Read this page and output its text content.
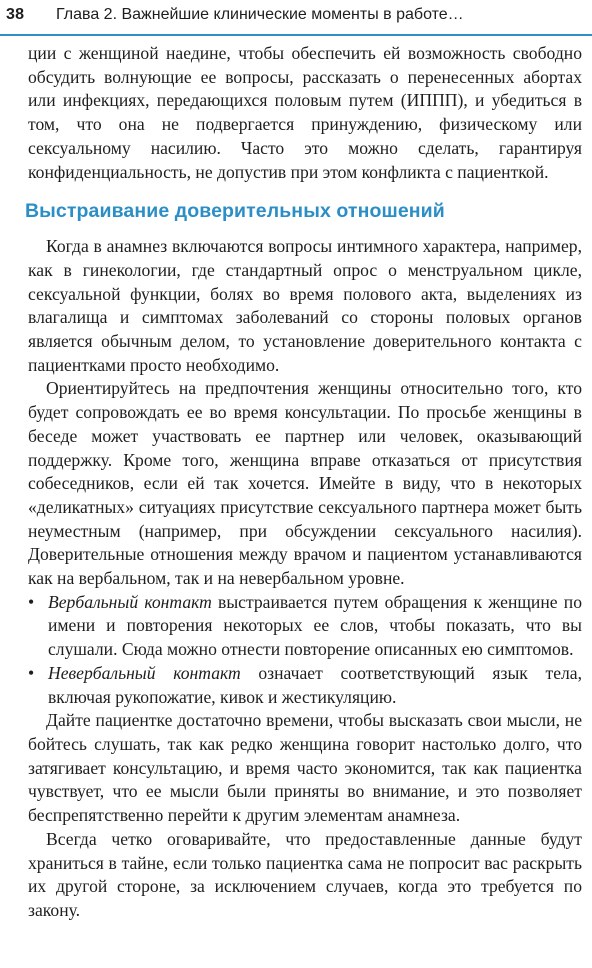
38 Глава 2. Важнейшие клинические моменты в работе…

ции с женщиной наедине, чтобы обеспечить ей возможность свободно обсудить волнующие ее вопросы, рассказать о перенесенных абортах или инфекциях, передающихся половым путем (ИППП), и убедиться в том, что она не подвергается принуждению, физическому или сексуальному насилию. Часто это можно сделать, гарантируя конфиденциальность, не допустив при этом конфликта с пациенткой.

Выстраивание доверительных отношений

Когда в анамнез включаются вопросы интимного характера, например, как в гинекологии, где стандартный опрос о менструальном цикле, сексуальной функции, болях во время полового акта, выделениях из влагалища и симптомах заболеваний со стороны половых органов является обычным делом, то установление доверительного контакта с пациентками просто необходимо.

Ориентируйтесь на предпочтения женщины относительно того, кто будет сопровождать ее во время консультации. По просьбе женщины в беседе может участвовать ее партнер или человек, оказывающий поддержку. Кроме того, женщина вправе отказаться от присутствия собеседников, если ей так хочется. Имейте в виду, что в некоторых «деликатных» ситуациях присутствие сексуального партнера может быть неуместным (например, при обсуждении сексуального насилия). Доверительные отношения между врачом и пациентом устанавливаются как на вербальном, так и на невербальном уровне.

• Вербальный контакт выстраивается путем обращения к женщине по имени и повторения некоторых ее слов, чтобы показать, что вы слушали. Сюда можно отнести повторение описанных ею симптомов.
• Невербальный контакт означает соответствующий язык тела, включая рукопожатие, кивок и жестикуляцию.

Дайте пациентке достаточно времени, чтобы высказать свои мысли, не бойтесь слушать, так как редко женщина говорит настолько долго, что затягивает консультацию, и время часто экономится, так как пациентка чувствует, что ее мысли были приняты во внимание, и это позволяет беспрепятственно перейти к другим элементам анамнеза.

Всегда четко оговаривайте, что предоставленные данные будут храниться в тайне, если только пациентка сама не попросит вас раскрыть их другой стороне, за исключением случаев, когда это требуется по закону.
